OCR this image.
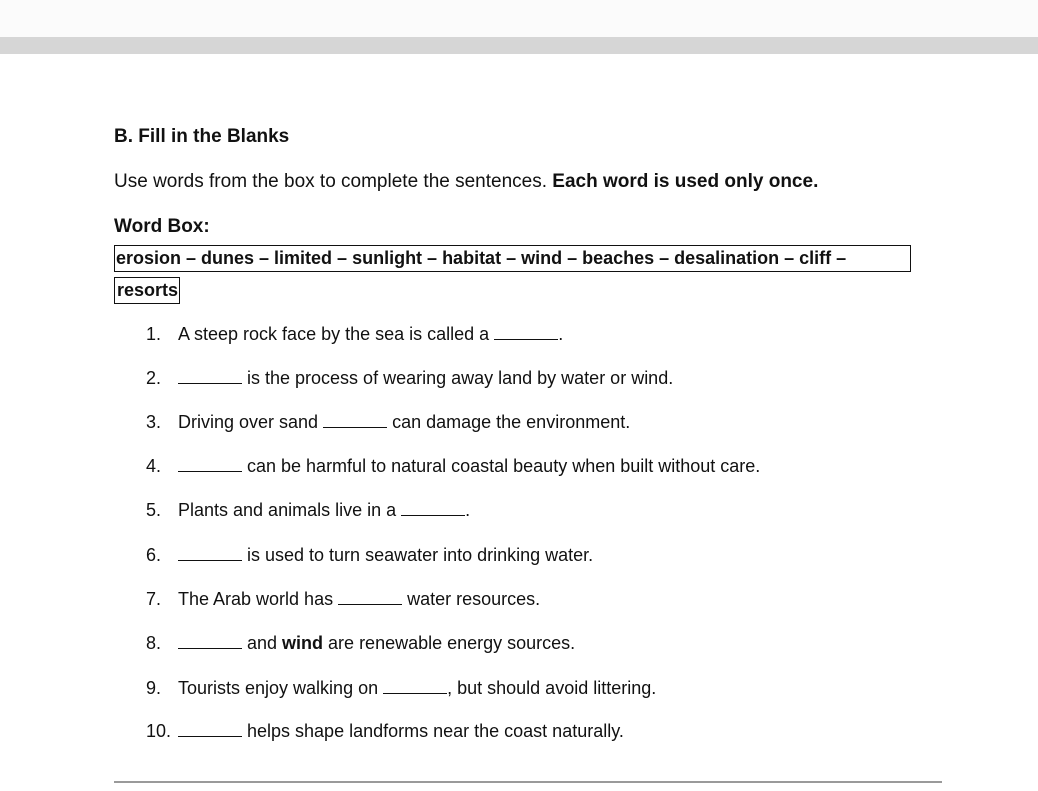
B. Fill in the Blanks
Use words from the box to complete the sentences. Each word is used only once.
Word Box:
erosion – dunes – limited – sunlight – habitat – wind – beaches – desalination – cliff –
resorts
1. A steep rock face by the sea is called a	.
2.	is the process of wearing away land by water or wind.
3. Driving over sand	can damage the environment.
4.	can be harmful to natural coastal beauty when built without care.
5. Plants and animals live in a	.
6.	is used to turn seawater into drinking water.
7. The Arab world has	water resources.
8.	and wind are renewable energy sources.
9. Tourists enjoy walking on	, but should avoid littering.
10.	helps shape landforms near the coast naturally.
